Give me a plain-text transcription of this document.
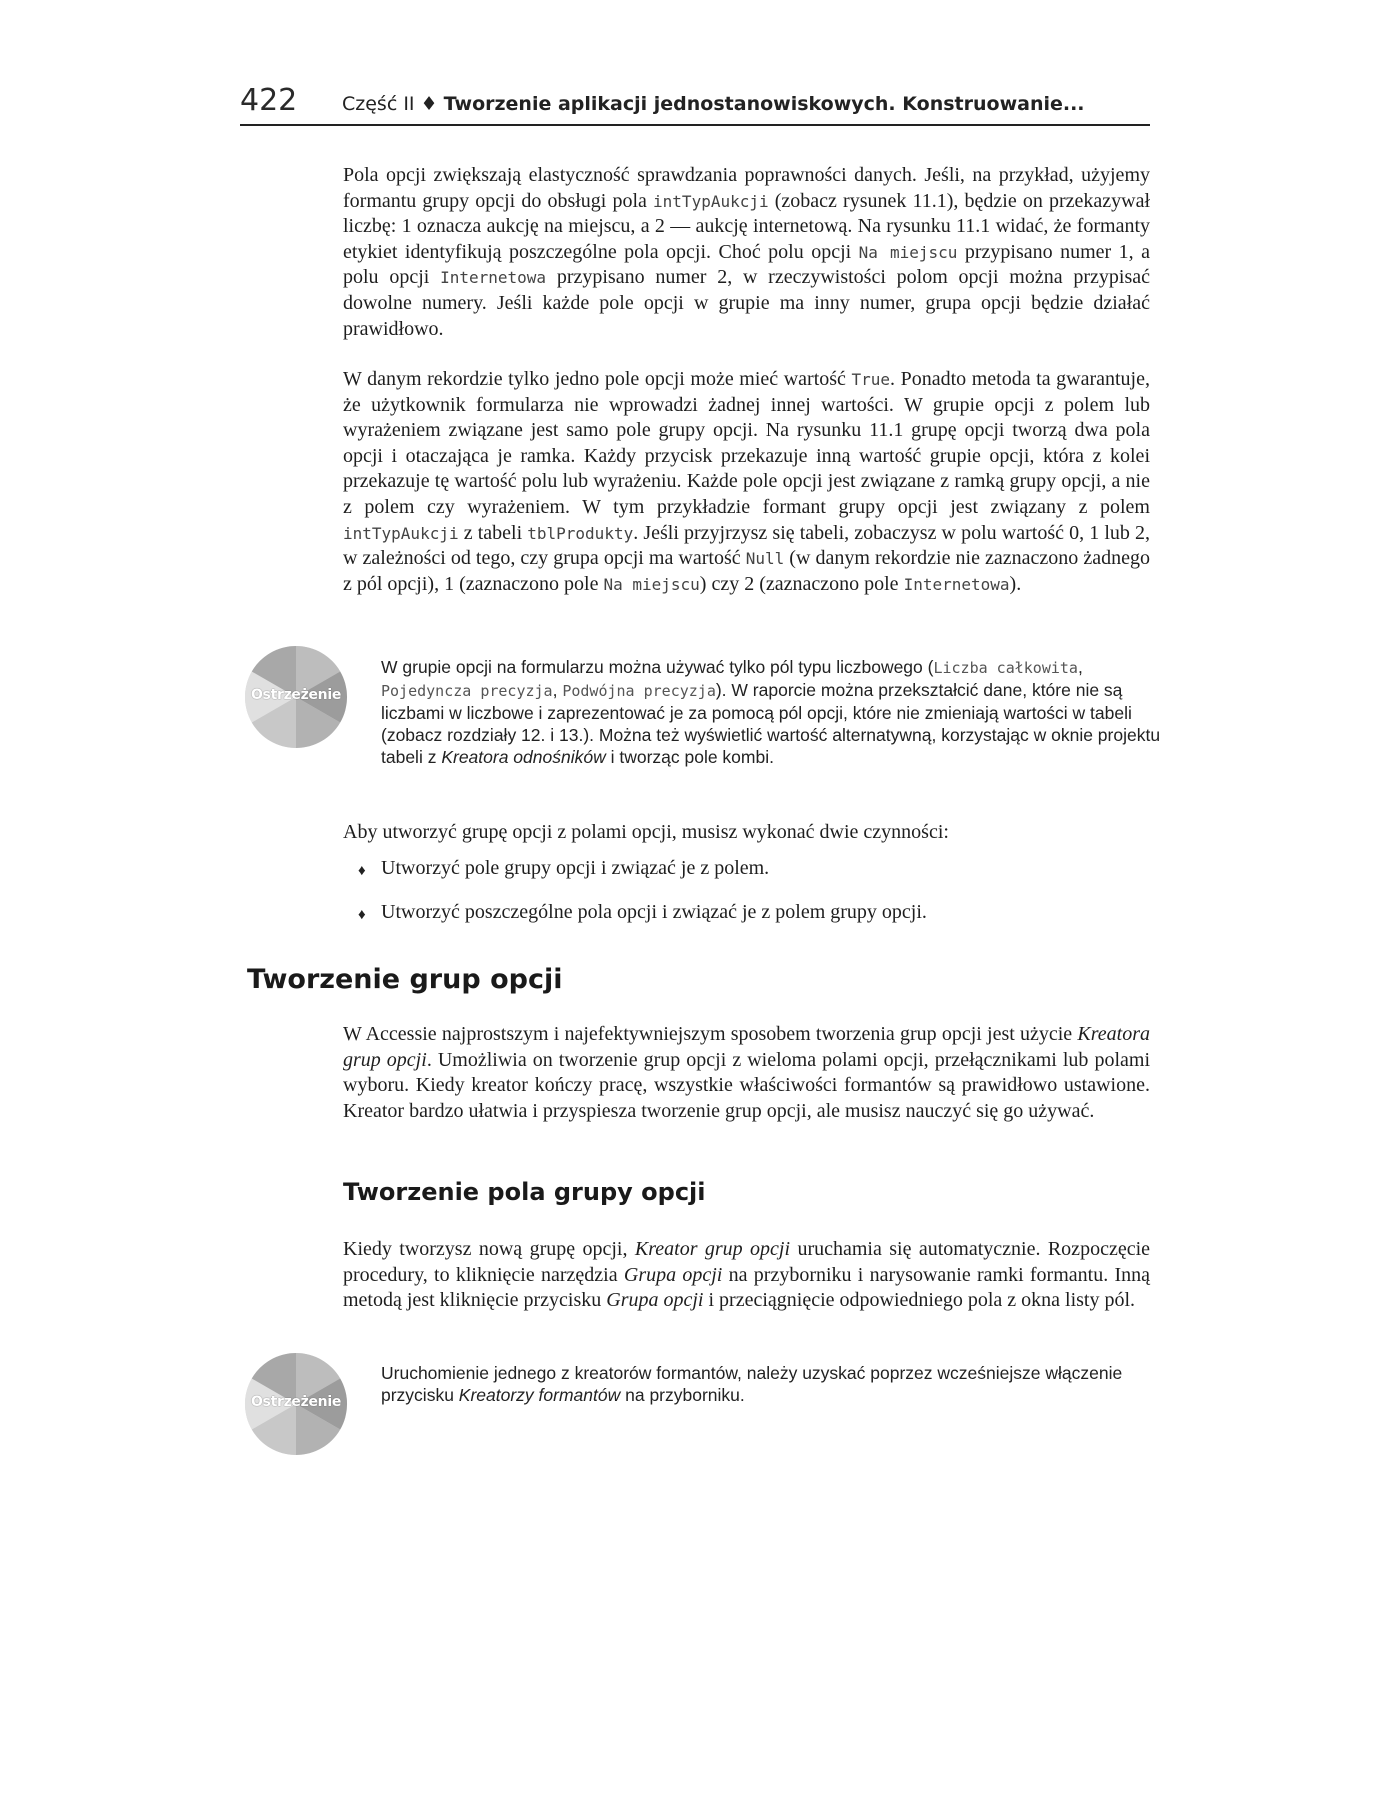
422 Część II ♦ Tworzenie aplikacji jednostanowiskowych. Konstruowanie...

Pola opcji zwiększają elastyczność sprawdzania poprawności danych. Jeśli, na przykład, użyjemy formantu grupy opcji do obsługi pola intTypAukcji (zobacz rysunek 11.1), będzie on przekazywał liczbę: 1 oznacza aukcję na miejscu, a 2 — aukcję internetową. Na rysunku 11.1 widać, że formanty etykiet identyfikują poszczególne pola opcji. Choć polu opcji Na miejscu przypisano numer 1, a polu opcji Internetowa przypisano numer 2, w rzeczywistości polom opcji można przypisać dowolne numery. Jeśli każde pole opcji w grupie ma inny numer, grupa opcji będzie działać prawidłowo.

W danym rekordzie tylko jedno pole opcji może mieć wartość True. Ponadto metoda ta gwarantuje, że użytkownik formularza nie wprowadzi żadnej innej wartości. W grupie opcji z polem lub wyrażeniem związane jest samo pole grupy opcji. Na rysunku 11.1 grupę opcji tworzą dwa pola opcji i otaczająca je ramka. Każdy przycisk przekazuje inną wartość grupie opcji, która z kolei przekazuje tę wartość polu lub wyrażeniu. Każde pole opcji jest związane z ramką grupy opcji, a nie z polem czy wyrażeniem. W tym przykładzie formant grupy opcji jest związany z polem intTypAukcji z tabeli tblProdukty. Jeśli przyjrzysz się tabeli, zobaczysz w polu wartość 0, 1 lub 2, w zależności od tego, czy grupa opcji ma wartość Null (w danym rekordzie nie zaznaczono żadnego z pól opcji), 1 (zaznaczono pole Na miejscu) czy 2 (zaznaczono pole Internetowa).

Ostrzeżenie

W grupie opcji na formularzu można używać tylko pól typu liczbowego (Liczba całkowita, Pojedyncza precyzja, Podwójna precyzja). W raporcie można przekształcić dane, które nie są liczbami w liczbowe i zaprezentować je za pomocą pól opcji, które nie zmieniają wartości w tabeli (zobacz rozdziały 12. i 13.). Można też wyświetlić wartość alternatywną, korzystając w oknie projektu tabeli z Kreatora odnośników i tworząc pole kombi.

Aby utworzyć grupę opcji z polami opcji, musisz wykonać dwie czynności:

♦ Utworzyć pole grupy opcji i związać je z polem.
♦ Utworzyć poszczególne pola opcji i związać je z polem grupy opcji.
Tworzenie grup opcji

W Accessie najprostszym i najefektywniejszym sposobem tworzenia grup opcji jest użycie Kreatora grup opcji. Umożliwia on tworzenie grup opcji z wieloma polami opcji, przełącznikami lub polami wyboru. Kiedy kreator kończy pracę, wszystkie właściwości formantów są prawidłowo ustawione. Kreator bardzo ułatwia i przyspiesza tworzenie grup opcji, ale musisz nauczyć się go używać.

Tworzenie pola grupy opcji

Kiedy tworzysz nową grupę opcji, Kreator grup opcji uruchamia się automatycznie. Rozpoczęcie procedury, to kliknięcie narzędzia Grupa opcji na przyborniku i narysowanie ramki formantu. Inną metodą jest kliknięcie przycisku Grupa opcji i przeciągnięcie odpowiedniego pola z okna listy pól.

Ostrzeżenie

Uruchomienie jednego z kreatorów formantów, należy uzyskać poprzez wcześniejsze włączenie przycisku Kreatorzy formantów na przyborniku.
